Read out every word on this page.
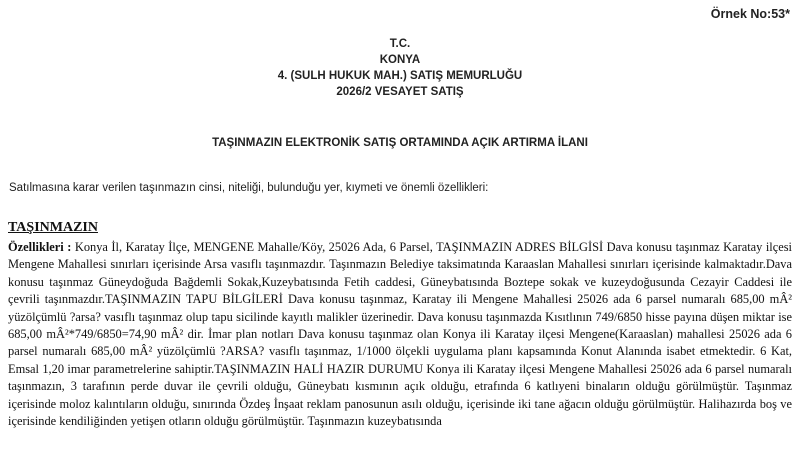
Örnek No:53*
T.C.
KONYA
4. (SULH HUKUK MAH.) SATIŞ MEMURLUĞU
2026/2 VESAYET SATIŞ
TAŞINMAZIN ELEKTRONİK SATIŞ ORTAMINDA AÇIK ARTIRMA İLANI
Satılmasına karar verilen taşınmazın cinsi, niteliği, bulunduğu yer, kıymeti ve önemli özellikleri:
TAŞINMAZIN
Özellikleri : Konya İl, Karatay İlçe, MENGENE Mahalle/Köy, 25026 Ada, 6 Parsel, TAŞINMAZIN ADRES BİLGİSİ Dava konusu taşınmaz Karatay ilçesi Mengene Mahallesi sınırları içerisinde Arsa vasıflı taşınmazdır. Taşınmazın Belediye taksimatında Karaaslan Mahallesi sınırları içerisinde kalmaktadır.Dava konusu taşınmaz Güneydoğuda Bağdemli Sokak,Kuzeybatısında Fetih caddesi, Güneybatısında Boztepe sokak ve kuzeydoğusunda Cezayir Caddesi ile çevrili taşınmazdır.TAŞINMAZIN TAPU BİLGİLERİ Dava konusu taşınmaz, Karatay ili Mengene Mahallesi 25026 ada 6 parsel numaralı 685,00 mÂ² yüzölçümlü ?arsa? vasıflı taşınmaz olup tapu sicilinde kayıtlı malikler üzerinedir. Dava konusu taşınmazda Kısıtlının 749/6850 hisse payına düşen miktar ise 685,00 mÂ²*749/6850=74,90 mÂ² dir. İmar plan notları Dava konusu taşınmaz olan Konya ili Karatay ilçesi Mengene(Karaaslan) mahallesi 25026 ada 6 parsel numaralı 685,00 mÂ² yüzölçümlü ?ARSA? vasıflı taşınmaz, 1/1000 ölçekli uygulama planı kapsamında Konut Alanında isabet etmektedir. 6 Kat, Emsal 1,20 imar parametrelerine sahiptir.TAŞINMAZIN HALİ HAZIR DURUMU Konya ili Karatay ilçesi Mengene Mahallesi 25026 ada 6 parsel numaralı taşınmazın, 3 tarafının perde duvar ile çevrili olduğu, Güneybatı kısmının açık olduğu, etrafında 6 katlıyeni binaların olduğu görülmüştür. Taşınmaz içerisinde moloz kalıntıların olduğu, sınırında Özdeş İnşaat reklam panosunun asılı olduğu, içerisinde iki tane ağacın olduğu görülmüştür. Halihazırda boş ve içerisinde kendiliğinden yetişen otların olduğu görülmüştür. Taşınmazın kuzeybatısında
